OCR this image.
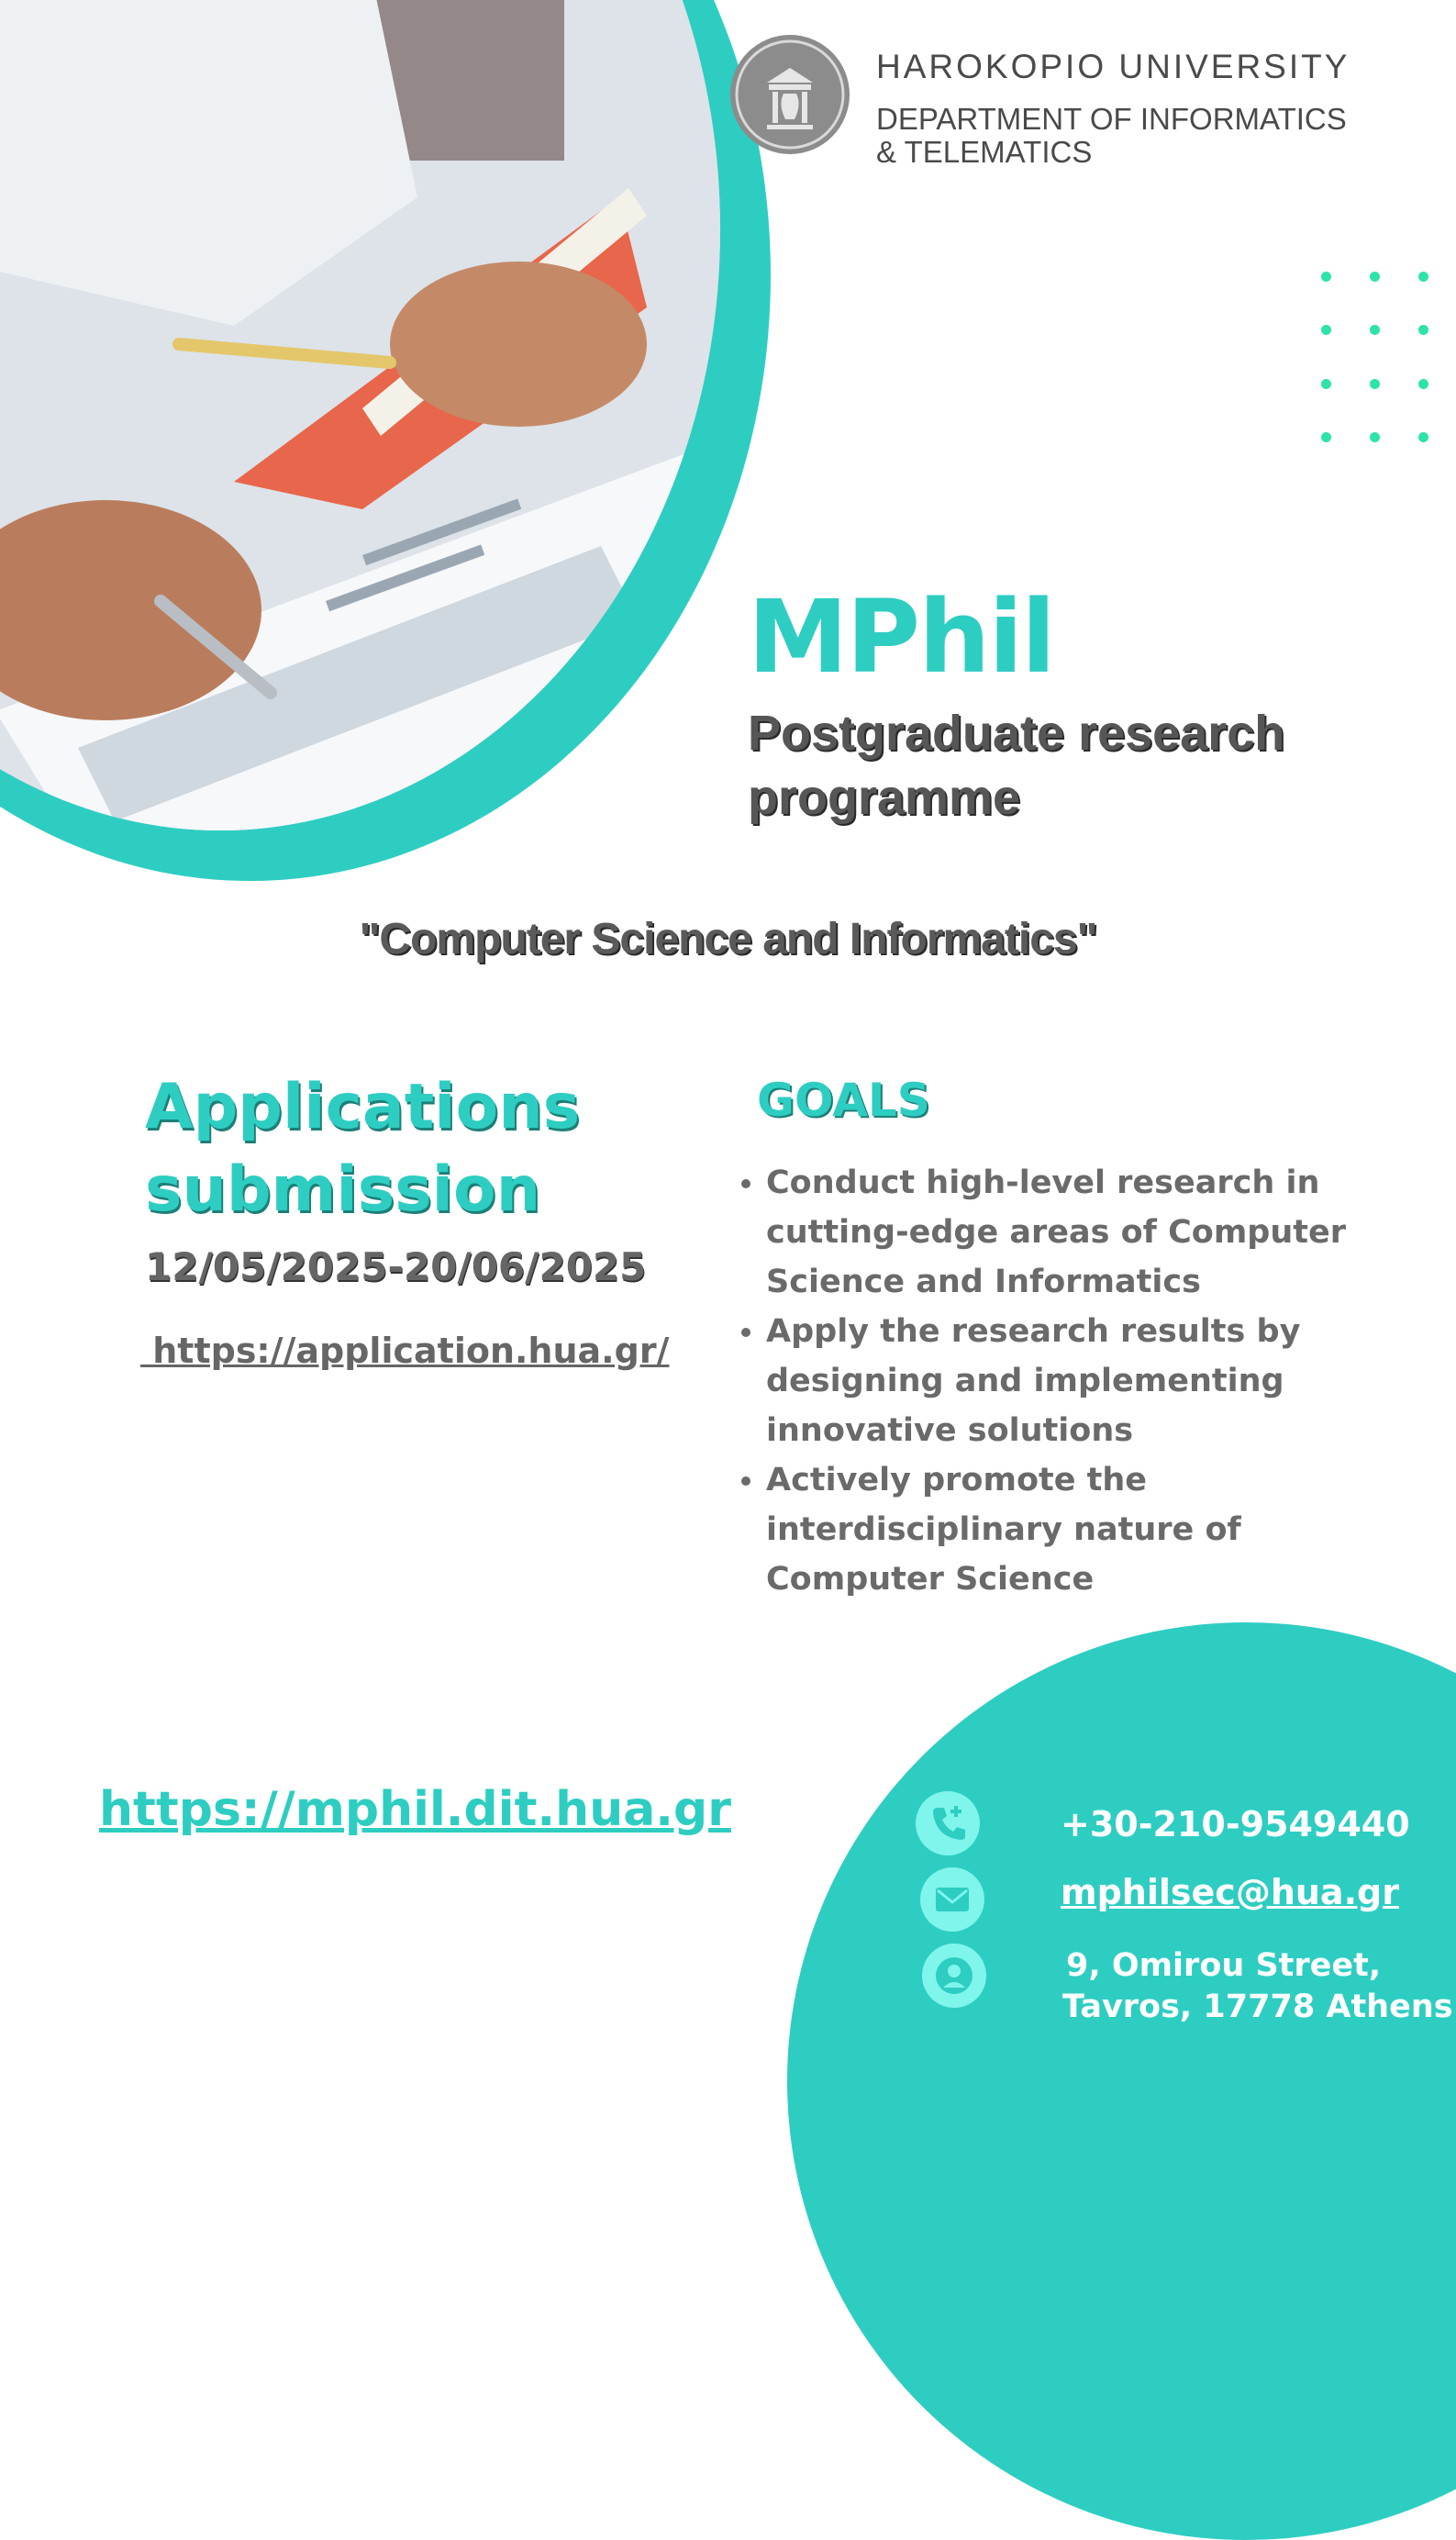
HAROKOPIO UNIVERSITY
DEPARTMENT OF INFORMATICS
& TELEMATICS
MPhil
Postgraduate research
programme
"Computer Science and Informatics"
Applications
submission
12/05/2025-20/06/2025
https://application.hua.gr/
GOALS
• Conduct high-level research in cutting-edge areas of Computer Science and Informatics
• Apply the research results by designing and implementing innovative solutions
• Actively promote the interdisciplinary nature of Computer Science
https://mphil.dit.hua.gr	+30-210-9549440
mphilsec@hua.gr
9, Omirou Street,
Tavros, 17778 Athens
